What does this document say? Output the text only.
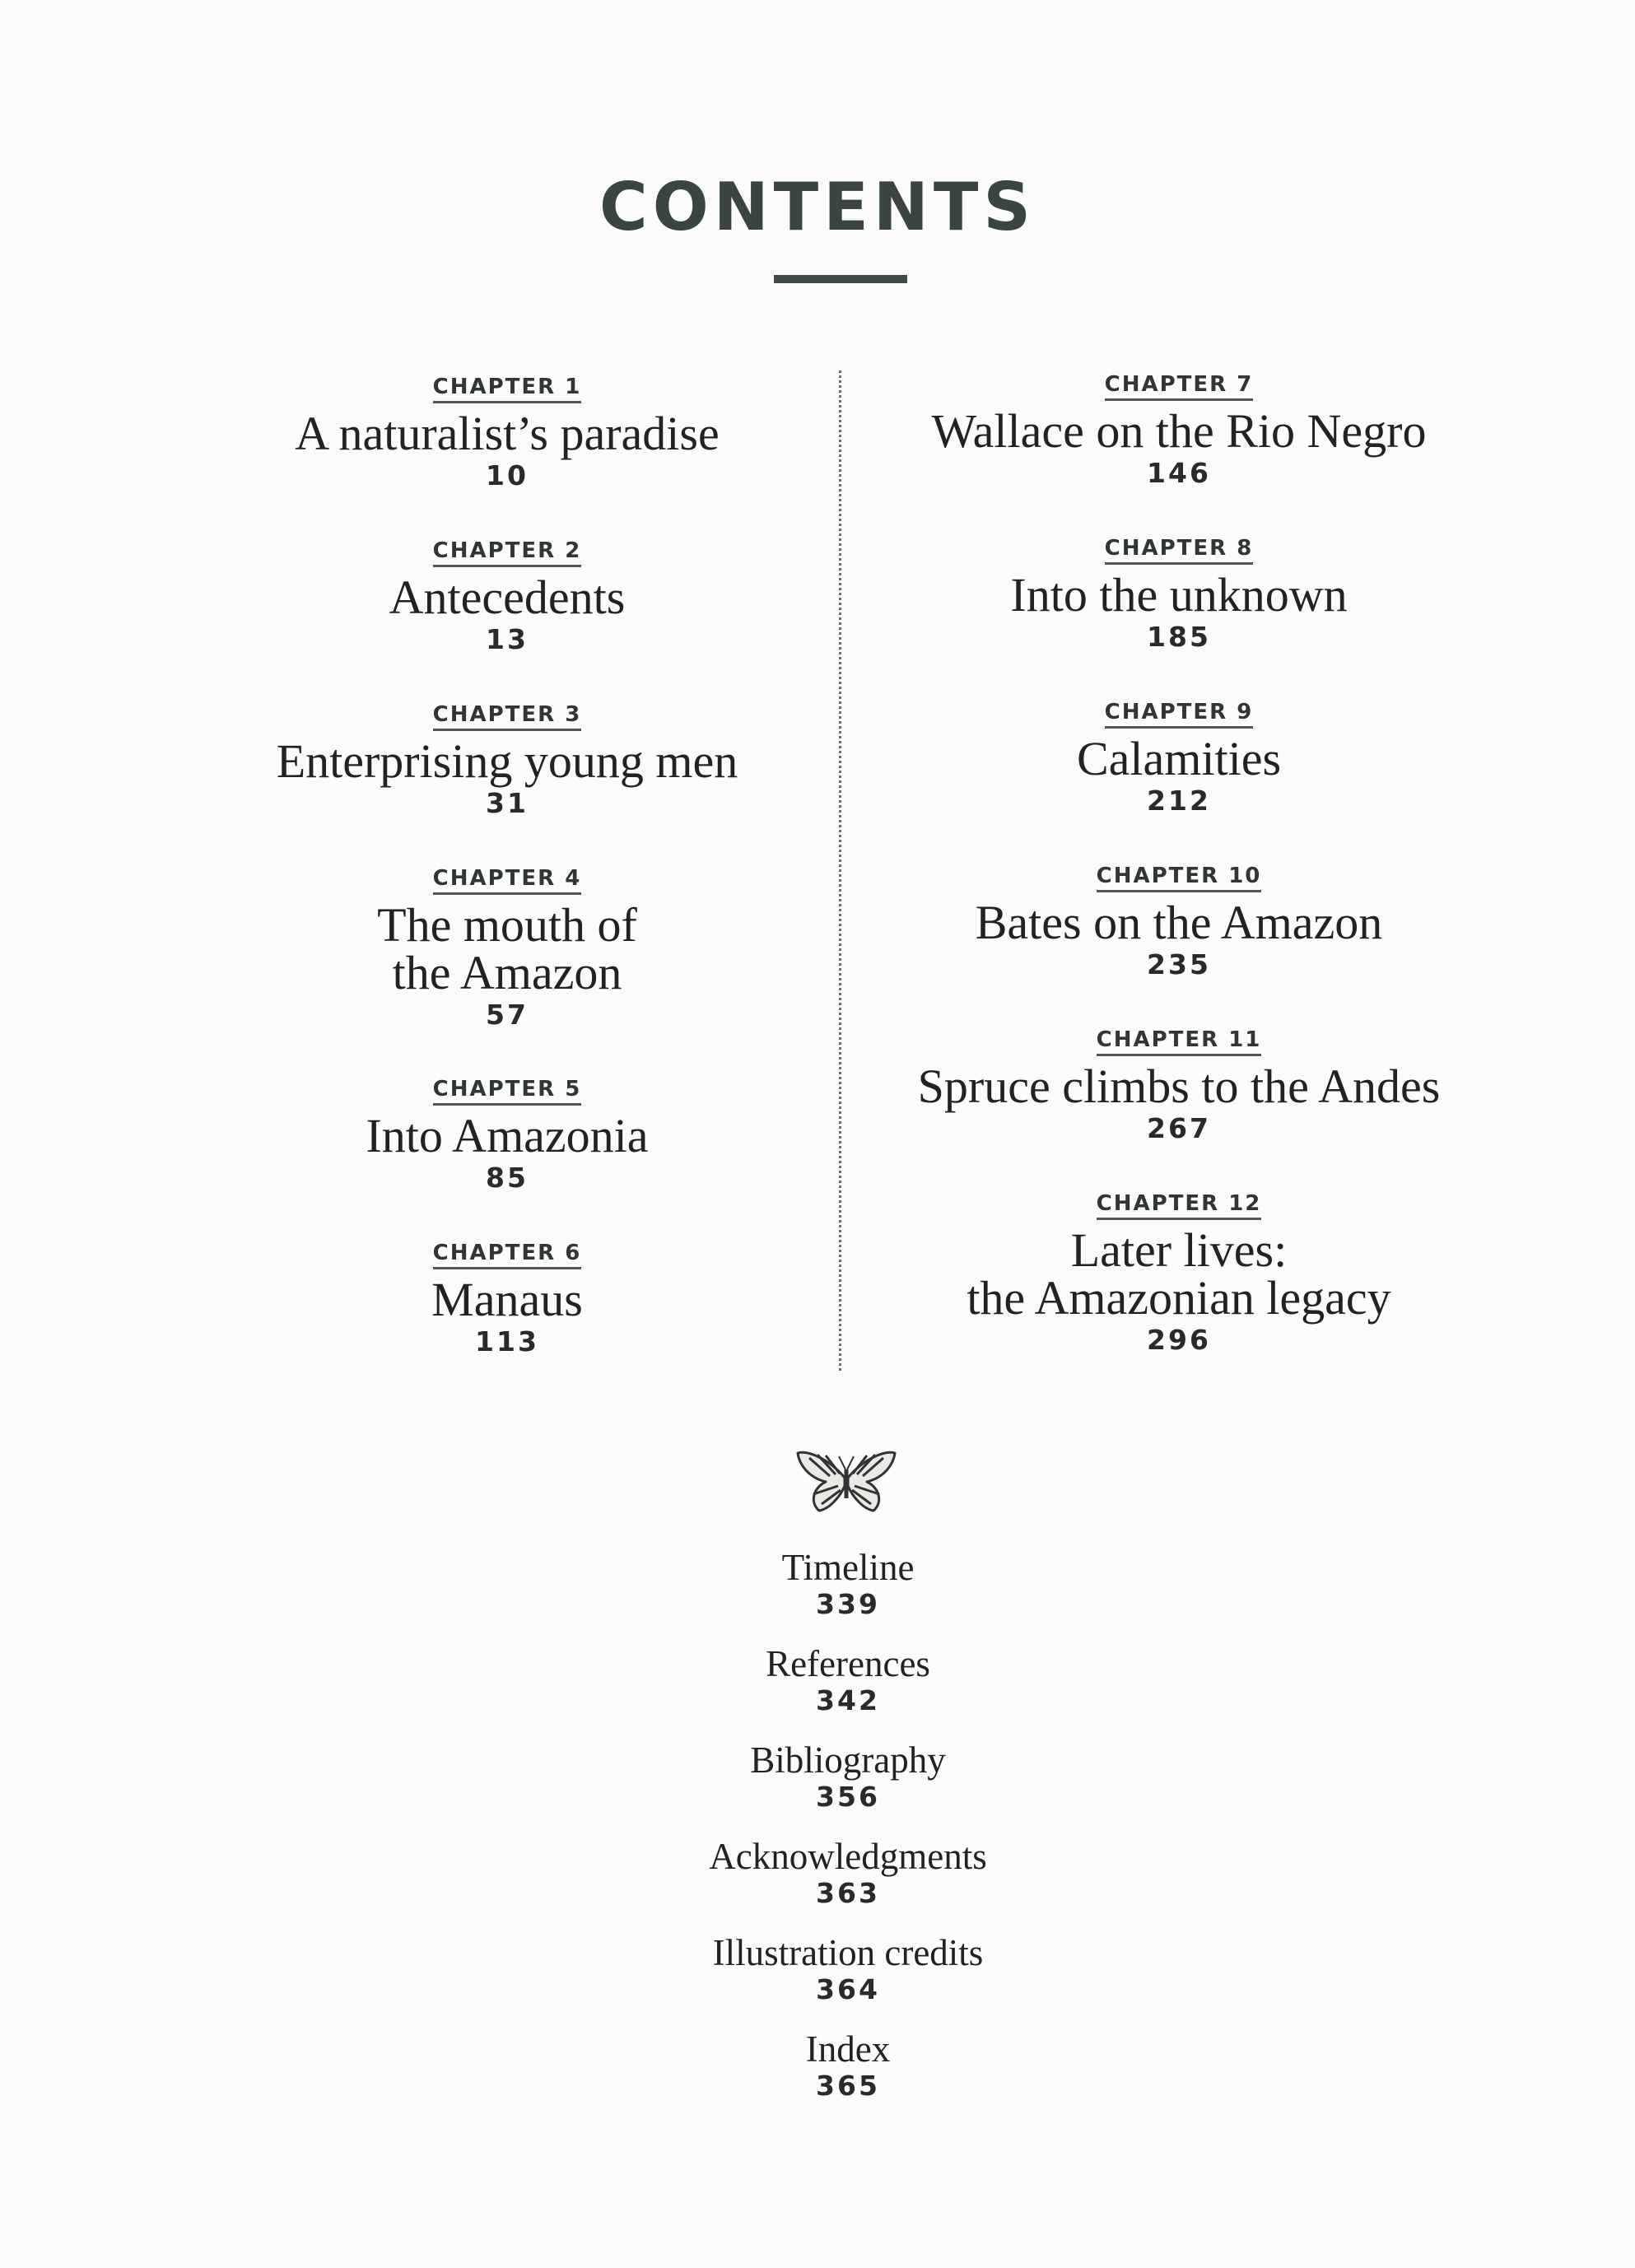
CONTENTS
CHAPTER 1
A naturalist’s paradise
10
CHAPTER 2
Antecedents
13
CHAPTER 3
Enterprising young men
31
CHAPTER 4
The mouth of
the Amazon
57
CHAPTER 5
Into Amazonia
85
CHAPTER 6
Manaus
113
CHAPTER 7
Wallace on the Rio Negro
146
CHAPTER 8
Into the unknown
185
CHAPTER 9
Calamities
212
CHAPTER 10
Bates on the Amazon
235
CHAPTER 11
Spruce climbs to the Andes
267
CHAPTER 12
Later lives:
the Amazonian legacy
296
Timeline
339
References
342
Bibliography
356
Acknowledgments
363
Illustration credits
364
Index
365
